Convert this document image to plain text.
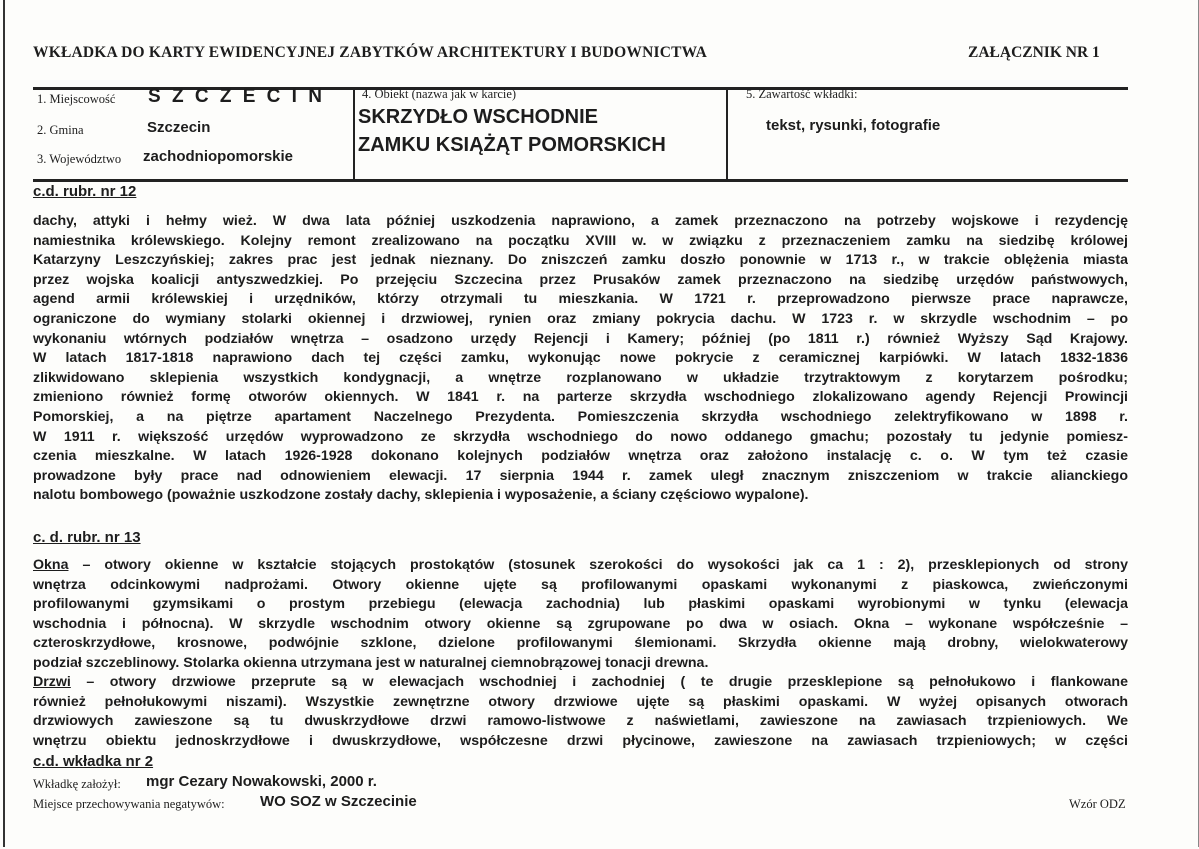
WKŁADKA DO KARTY EWIDENCYJNEJ ZABYTKÓW ARCHITEKTURY I BUDOWNICTWA	ZAŁĄCZNIK NR 1
1. Miejscowość S Z C Z E C I N
2. Gmina	Szczecin
3. Województwo zachodniopomorskie
4. Obiekt (nazwa jak w karcie)
SKRZYDŁO WSCHODNIE
ZAMKU KSIĄŻĄT POMORSKICH
5. Zawartość wkładki:
tekst, rysunki, fotografie
c.d. rubr. nr 12
dachy, attyki i hełmy wież. W dwa lata później uszkodzenia naprawiono, a zamek przeznaczono na potrzeby wojskowe i rezydencję
namiestnika królewskiego. Kolejny remont zrealizowano na początku XVIII w. w związku z przeznaczeniem zamku na siedzibę królowej
Katarzyny Leszczyńskiej; zakres prac jest jednak nieznany. Do zniszczeń zamku doszło ponownie w 1713 r., w trakcie oblężenia miasta
przez wojska koalicji antyszwedzkiej. Po przejęciu Szczecina przez Prusaków zamek przeznaczono na siedzibę urzędów państwowych,
agend armii królewskiej i urzędników, którzy otrzymali tu mieszkania. W 1721 r. przeprowadzono pierwsze prace naprawcze,
ograniczone do wymiany stolarki okiennej i drzwiowej, rynien oraz zmiany pokrycia dachu. W 1723 r. w skrzydle wschodnim – po
wykonaniu wtórnych podziałów wnętrza – osadzono urzędy Rejencji i Kamery; później (po 1811 r.) również Wyższy Sąd Krajowy.
W latach 1817-1818 naprawiono dach tej części zamku, wykonując nowe pokrycie z ceramicznej karpiówki. W latach 1832-1836
zlikwidowano sklepienia wszystkich kondygnacji, a wnętrze rozplanowano w układzie trzytraktowym z korytarzem pośrodku;
zmieniono również formę otworów okiennych. W 1841 r. na parterze skrzydła wschodniego zlokalizowano agendy Rejencji Prowincji
Pomorskiej, a na piętrze apartament Naczelnego Prezydenta. Pomieszczenia skrzydła wschodniego zelektryfikowano w 1898 r.
W 1911 r. większość urzędów wyprowadzono ze skrzydła wschodniego do nowo oddanego gmachu; pozostały tu jedynie pomiesz-
czenia mieszkalne. W latach 1926-1928 dokonano kolejnych podziałów wnętrza oraz założono instalację c. o. W tym też czasie
prowadzone były prace nad odnowieniem elewacji. 17 sierpnia 1944 r. zamek uległ znacznym zniszczeniom w trakcie alianckiego
nalotu bombowego (poważnie uszkodzone zostały dachy, sklepienia i wyposażenie, a ściany częściowo wypalone).
c. d. rubr. nr 13
Okna – otwory okienne w kształcie stojących prostokątów (stosunek szerokości do wysokości jak ca 1 : 2), przesklepionych od strony
wnętrza odcinkowymi nadprożami. Otwory okienne ujęte są profilowanymi opaskami wykonanymi z piaskowca, zwieńczonymi
profilowanymi gzymsikami o prostym przebiegu (elewacja zachodnia) lub płaskimi opaskami wyrobionymi w tynku (elewacja
wschodnia i północna). W skrzydle wschodnim otwory okienne są zgrupowane po dwa w osiach. Okna – wykonane współcześnie –
czteroskrzydłowe, krosnowe, podwójnie szklone, dzielone profilowanymi ślemionami. Skrzydła okienne mają drobny, wielokwaterowy
podział szczeblinowy. Stolarka okienna utrzymana jest w naturalnej ciemnobrązowej tonacji drewna.
Drzwi – otwory drzwiowe przeprute są w elewacjach wschodniej i zachodniej ( te drugie przesklepione są pełnołukowo i flankowane
również pełnołukowymi niszami). Wszystkie zewnętrzne otwory drzwiowe ujęte są płaskimi opaskami. W wyżej opisanych otworach
drzwiowych zawieszone są tu dwuskrzydłowe drzwi ramowo-listwowe z naświetlami, zawieszone na zawiasach trzpieniowych. We
wnętrzu obiektu jednoskrzydłowe i dwuskrzydłowe, współczesne drzwi płycinowe, zawieszone na zawiasach trzpieniowych; w części
c.d. wkładka nr 2
Wkładkę założył: mgr Cezary Nowakowski, 2000 r.
Miejsce przechowywania negatywów: WO SOZ w Szczecinie	Wzór ODZ
